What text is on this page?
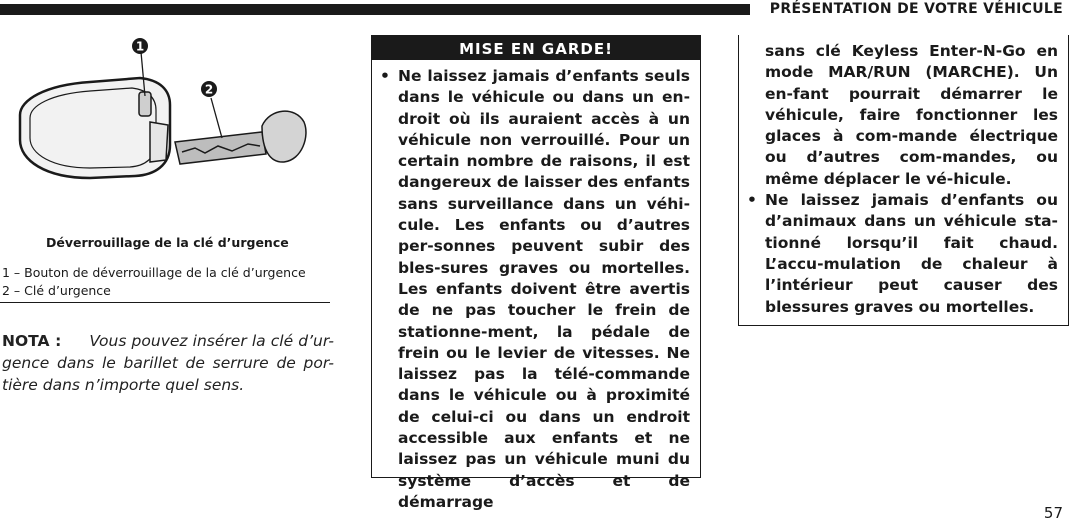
PRÉSENTATION DE VOTRE VÉHICULE
1
2
Déverrouillage de la clé d’urgence
1 – Bouton de déverrouillage de la clé d’urgence
2 – Clé d’urgence
NOTA : Vous pouvez insérer la clé d’ur-gence dans le barillet de serrure de por-tière dans n’importe quel sens.
MISE EN GARDE!
• Ne laissez jamais d’enfants seuls dans le véhicule ou dans un en-droit où ils auraient accès à un véhicule non verrouillé. Pour un certain nombre de raisons, il est dangereux de laisser des enfants sans surveillance dans un véhi-cule. Les enfants ou d’autres per-sonnes peuvent subir des bles-sures graves ou mortelles. Les enfants doivent être avertis de ne pas toucher le frein de stationne-ment, la pédale de frein ou le levier de vitesses. Ne laissez pas la télé-commande dans le véhicule ou à proximité de celui-ci ou dans un endroit accessible aux enfants et ne laissez pas un véhicule muni du système d’accès et de démarrage
sans clé Keyless Enter-N-Go en mode MAR/RUN (MARCHE). Un en-fant pourrait démarrer le véhicule, faire fonctionner les glaces à com-mande électrique ou d’autres com-mandes, ou même déplacer le vé-hicule.
• Ne laissez jamais d’enfants ou d’animaux dans un véhicule sta-tionné lorsqu’il fait chaud. L’accu-mulation de chaleur à l’intérieur peut causer des blessures graves ou mortelles.
57
